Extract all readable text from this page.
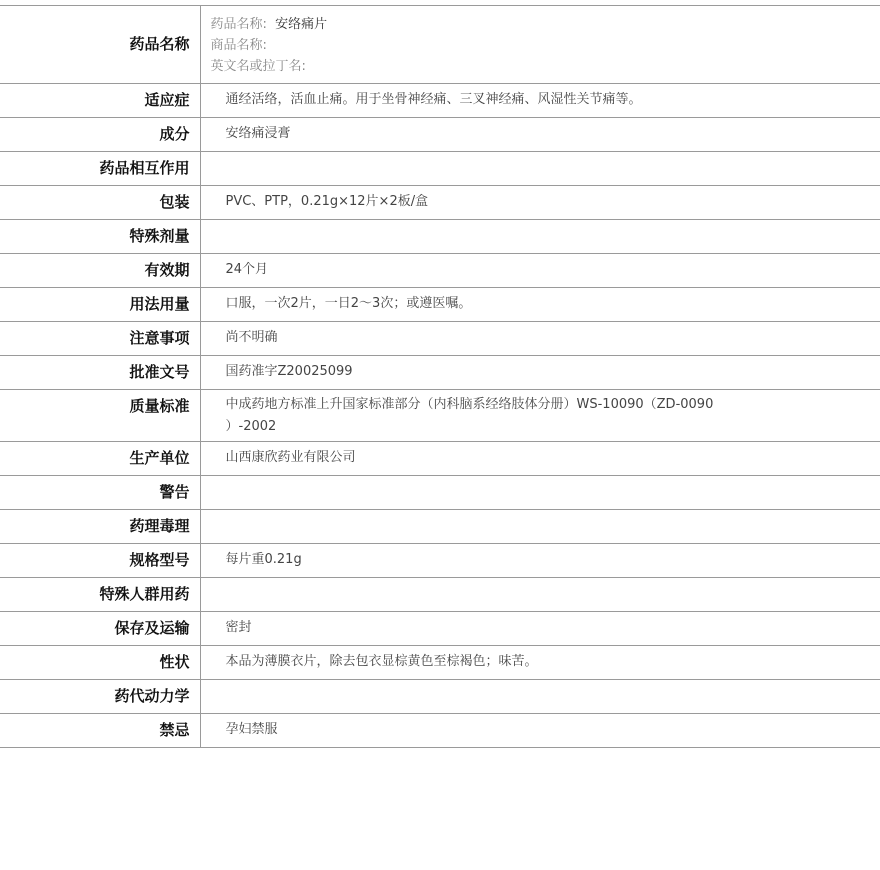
药品名称	药品名称: 安络痛片
商品名称:
英文名或拉丁名:

适应症	通经活络，活血止痛。用于坐骨神经痛、三叉神经痛、风湿性关节痛等。
成分	安络痛浸膏
药品相互作用	
包装	PVC、PTP，0.21g×12片×2板/盒
特殊剂量	
有效期	24个月
用法用量	口服，一次2片，一日2～3次；或遵医嘱。
注意事项	尚不明确
批准文号	国药准字Z20025099
质量标准	中成药地方标准上升国家标准部分（内科脑系经络肢体分册）WS-10090（ZD-0090
）-2002

生产单位	山西康欣药业有限公司
警告	
药理毒理	
规格型号	每片重0.21g
特殊人群用药	
保存及运输	密封
性状	本品为薄膜衣片，除去包衣显棕黄色至棕褐色；味苦。
药代动力学	
禁忌	孕妇禁服
